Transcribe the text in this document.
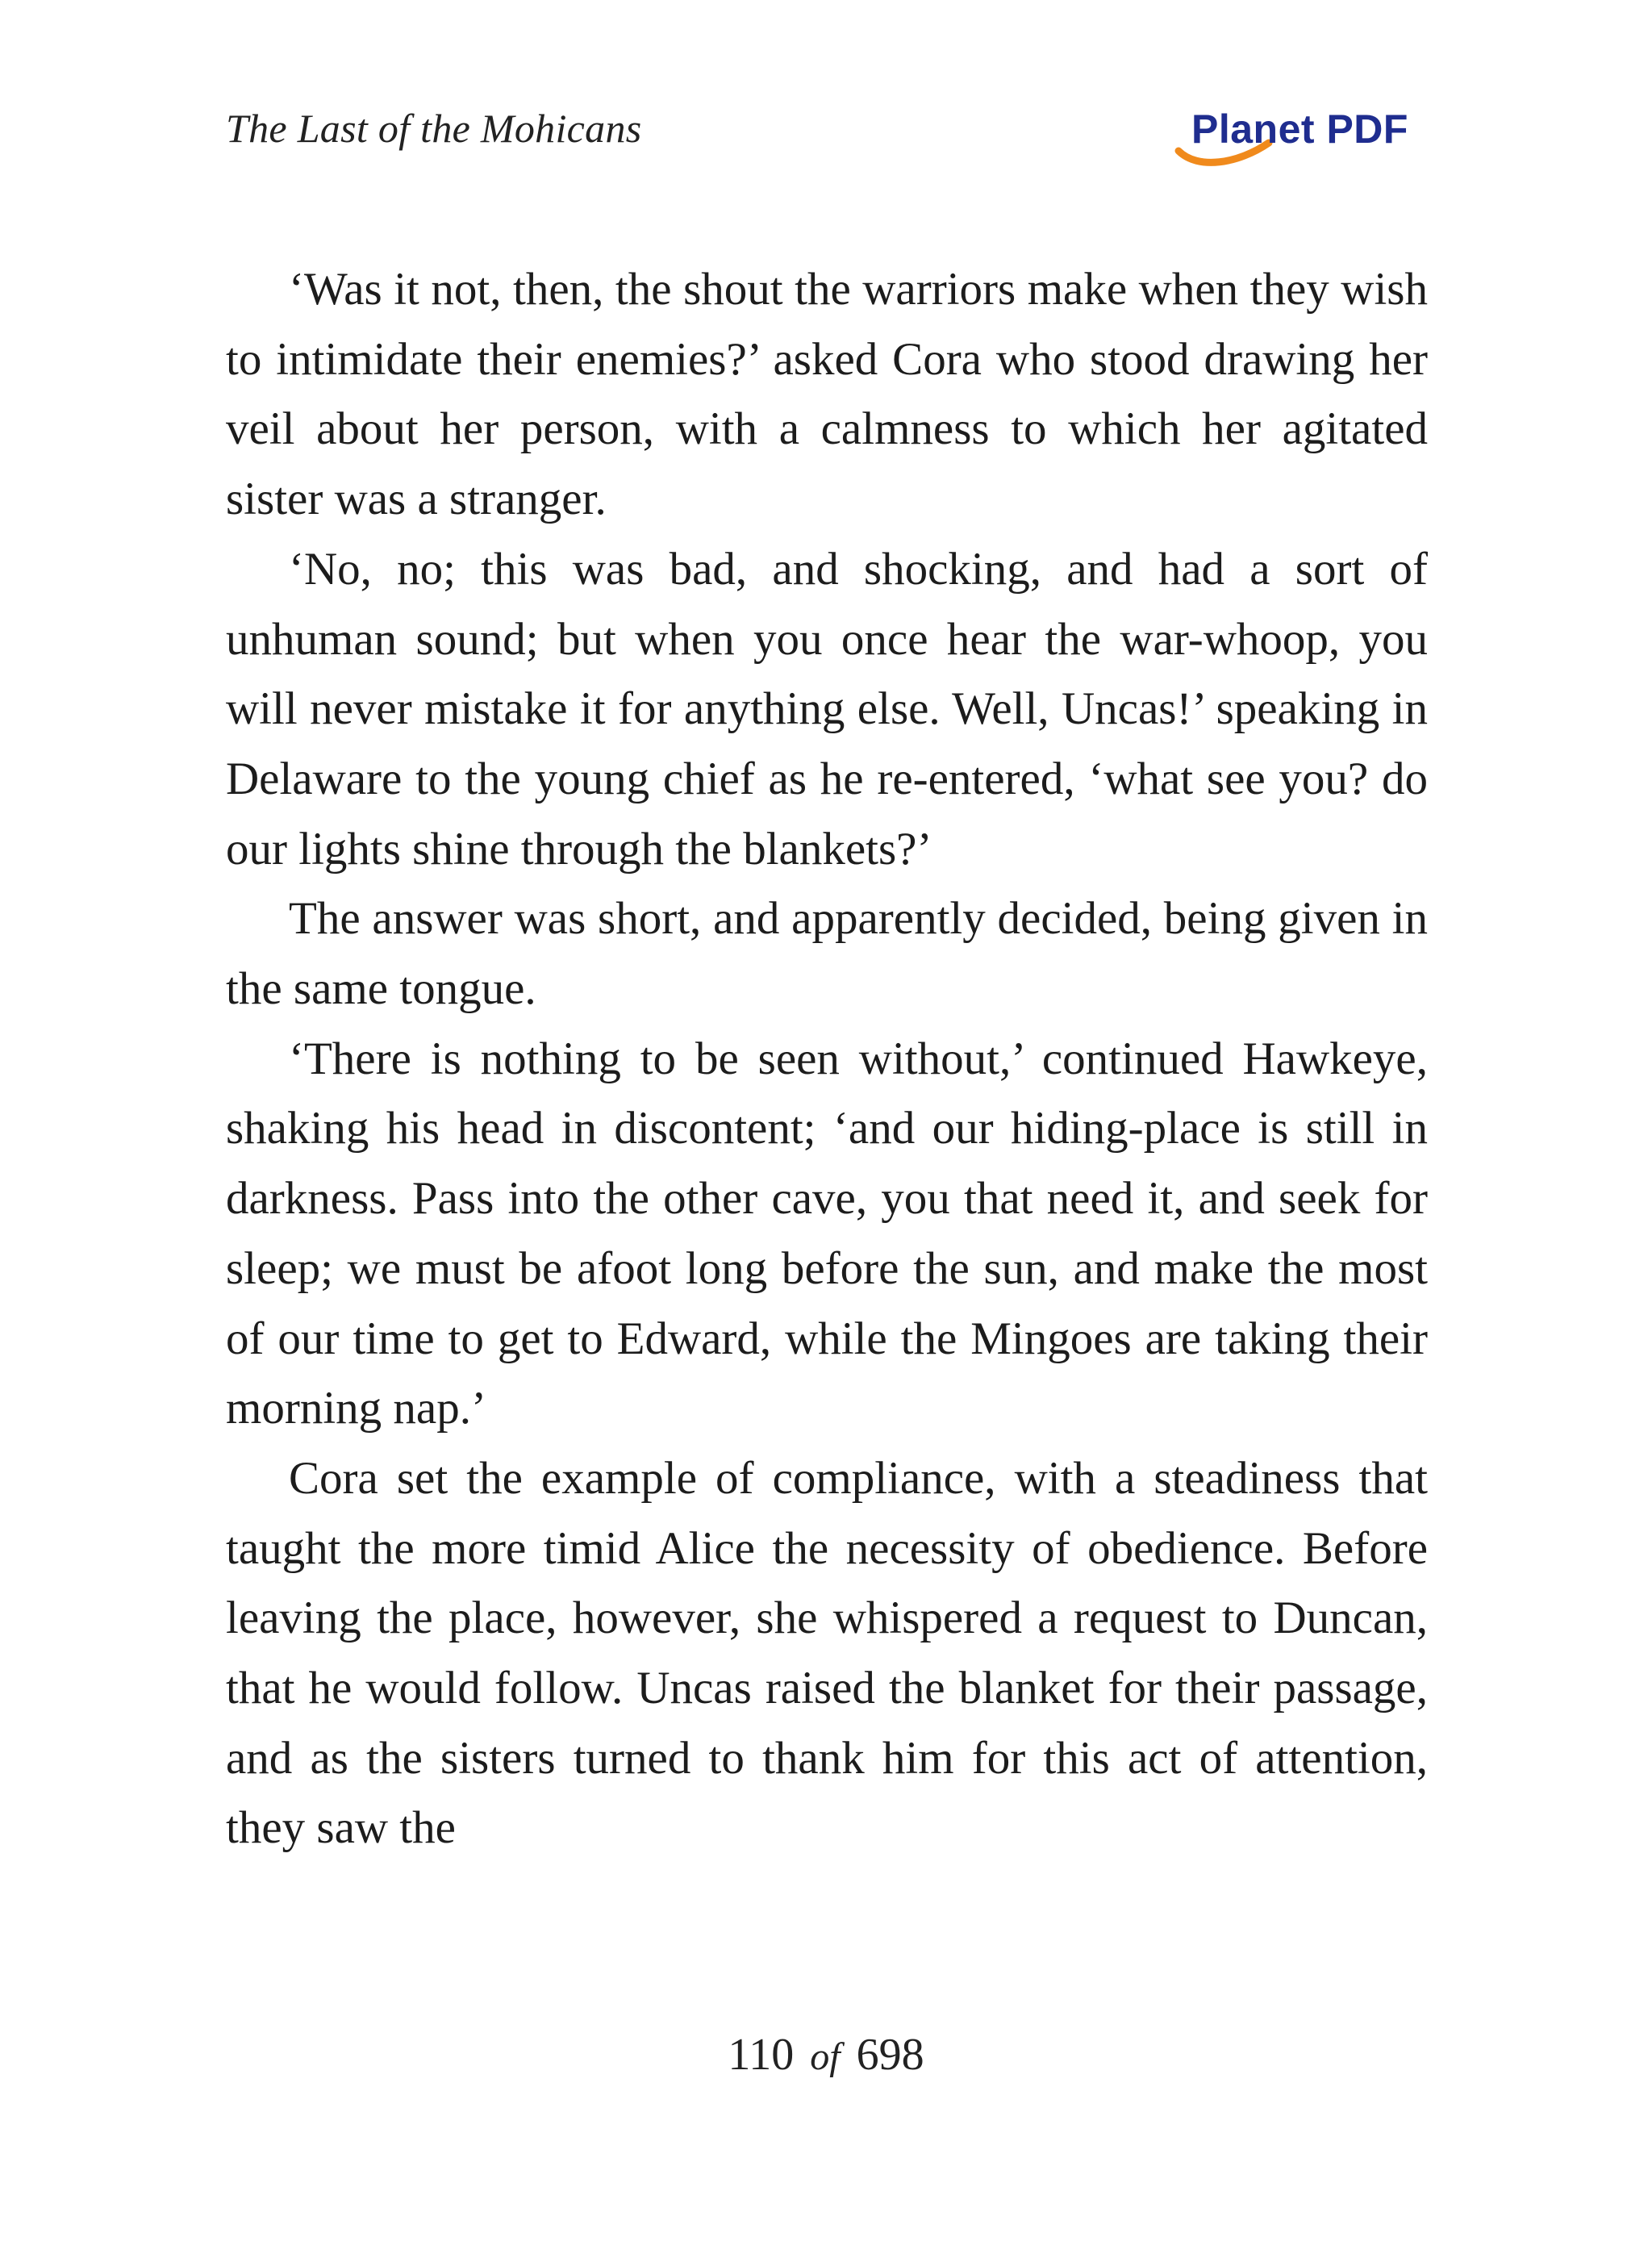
The Last of the Mohicans	Planet PDF

‘Was it not, then, the shout the warriors make when they wish to intimidate their enemies?’ asked Cora who stood drawing her veil about her person, with a calmness to which her agitated sister was a stranger.

‘No, no; this was bad, and shocking, and had a sort of unhuman sound; but when you once hear the war-whoop, you will never mistake it for anything else. Well, Uncas!’ speaking in Delaware to the young chief as he re-entered, ‘what see you? do our lights shine through the blankets?’

The answer was short, and apparently decided, being given in the same tongue.

‘There is nothing to be seen without,’ continued Hawkeye, shaking his head in discontent; ‘and our hiding-place is still in darkness. Pass into the other cave, you that need it, and seek for sleep; we must be afoot long before the sun, and make the most of our time to get to Edward, while the Mingoes are taking their morning nap.’

Cora set the example of compliance, with a steadiness that taught the more timid Alice the necessity of obedience. Before leaving the place, however, she whispered a request to Duncan, that he would follow. Uncas raised the blanket for their passage, and as the sisters turned to thank him for this act of attention, they saw the

110 of 698
